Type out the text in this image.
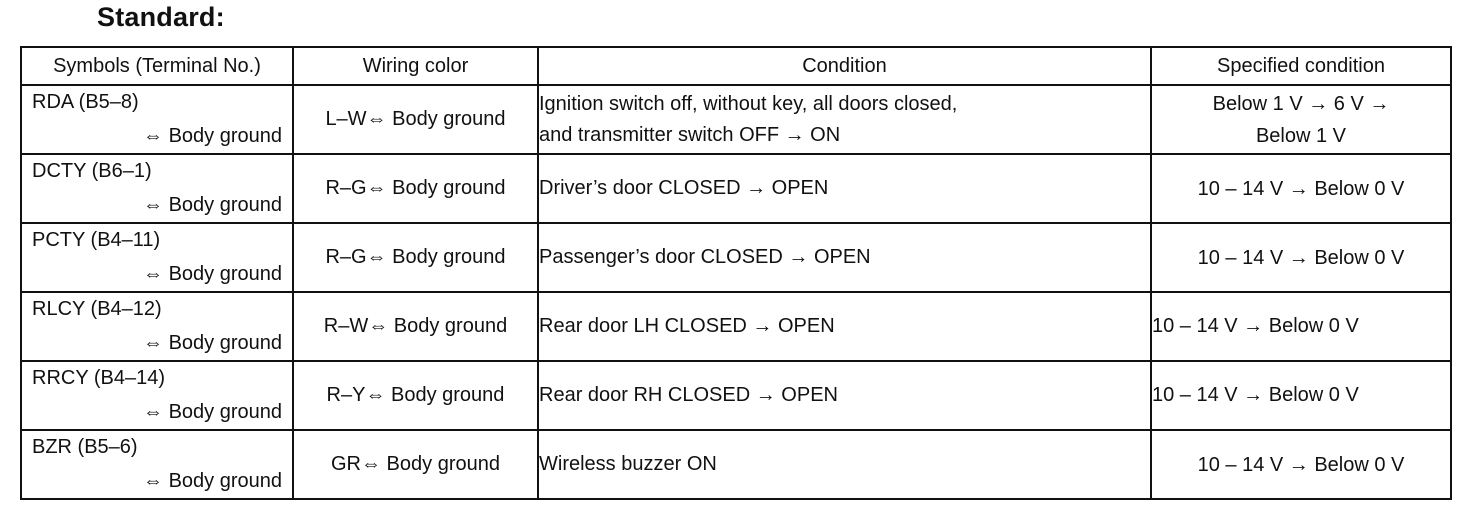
Standard:
Symbols (Terminal No.)	Wiring color	Condition	Specified condition

RDA (B5–8)
⇔ Body ground	L–W⇔ Body ground	Ignition switch off, without key, all doors closed,
and transmitter switch OFF → ON	Below 1 V → 6 V →
Below 1 V

DCTY (B6–1)
⇔ Body ground	R–G⇔ Body ground	Driver’s door CLOSED → OPEN	10 – 14 V → Below 0 V

PCTY (B4–11)
⇔ Body ground	R–G⇔ Body ground	Passenger’s door CLOSED → OPEN	10 – 14 V → Below 0 V

RLCY (B4–12)
⇔ Body ground	R–W⇔ Body ground	Rear door LH CLOSED → OPEN	10 – 14 V → Below 0 V

RRCY (B4–14)
⇔ Body ground	R–Y⇔ Body ground	Rear door RH CLOSED → OPEN	10 – 14 V → Below 0 V

BZR (B5–6)
⇔ Body ground	GR⇔ Body ground	Wireless buzzer ON	10 – 14 V → Below 0 V
